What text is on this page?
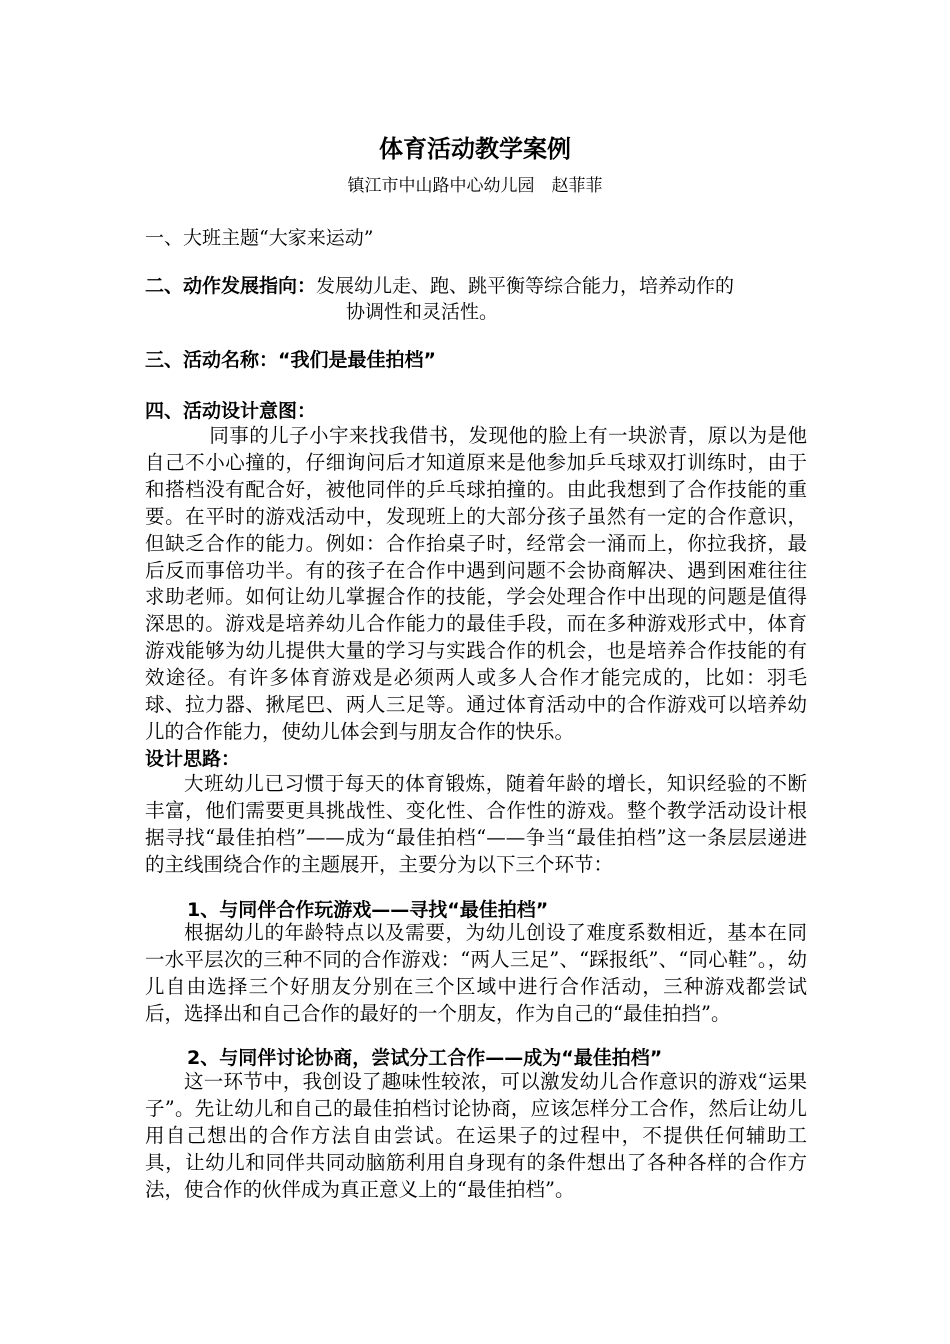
体育活动教学案例
镇江市中山路中心幼儿园　赵菲菲
一、大班主题“大家来运动”
二、动作发展指向：发展幼儿走、跑、跳平衡等综合能力，培养动作的
协调性和灵活性。
三、活动名称：“我们是最佳拍档”
四、活动设计意图：
同事的儿子小宇来找我借书，发现他的脸上有一块淤青，原以为是他自己不小心撞的，仔细询问后才知道原来是他参加乒乓球双打训练时，由于和搭档没有配合好，被他同伴的乒乓球拍撞的。由此我想到了合作技能的重要。在平时的游戏活动中，发现班上的大部分孩子虽然有一定的合作意识，但缺乏合作的能力。例如：合作抬桌子时，经常会一涌而上，你拉我挤，最后反而事倍功半。有的孩子在合作中遇到问题不会协商解决、遇到困难往往求助老师。如何让幼儿掌握合作的技能，学会处理合作中出现的问题是值得深思的。游戏是培养幼儿合作能力的最佳手段，而在多种游戏形式中，体育游戏能够为幼儿提供大量的学习与实践合作的机会，也是培养合作技能的有效途径。有许多体育游戏是必须两人或多人合作才能完成的，比如：羽毛球、拉力器、揪尾巴、两人三足等。通过体育活动中的合作游戏可以培养幼儿的合作能力，使幼儿体会到与朋友合作的快乐。
设计思路：
大班幼儿已习惯于每天的体育锻炼，随着年龄的增长，知识经验的不断丰富，他们需要更具挑战性、变化性、合作性的游戏。整个教学活动设计根据寻找“最佳拍档”——成为“最佳拍档“——争当“最佳拍档”这一条层层递进的主线围绕合作的主题展开，主要分为以下三个环节：
1、与同伴合作玩游戏——寻找“最佳拍档”
根据幼儿的年龄特点以及需要，为幼儿创设了难度系数相近，基本在同一水平层次的三种不同的合作游戏：“两人三足”、“踩报纸”、“同心鞋”。，幼儿自由选择三个好朋友分别在三个区域中进行合作活动，三种游戏都尝试后，选择出和自己合作的最好的一个朋友，作为自己的“最佳拍挡”。
2、与同伴讨论协商，尝试分工合作——成为“最佳拍档”
这一环节中，我创设了趣味性较浓，可以激发幼儿合作意识的游戏“运果子”。先让幼儿和自己的最佳拍档讨论协商，应该怎样分工合作，然后让幼儿用自己想出的合作方法自由尝试。在运果子的过程中，不提供任何辅助工具，让幼儿和同伴共同动脑筋利用自身现有的条件想出了各种各样的合作方法，使合作的伙伴成为真正意义上的“最佳拍档”。
